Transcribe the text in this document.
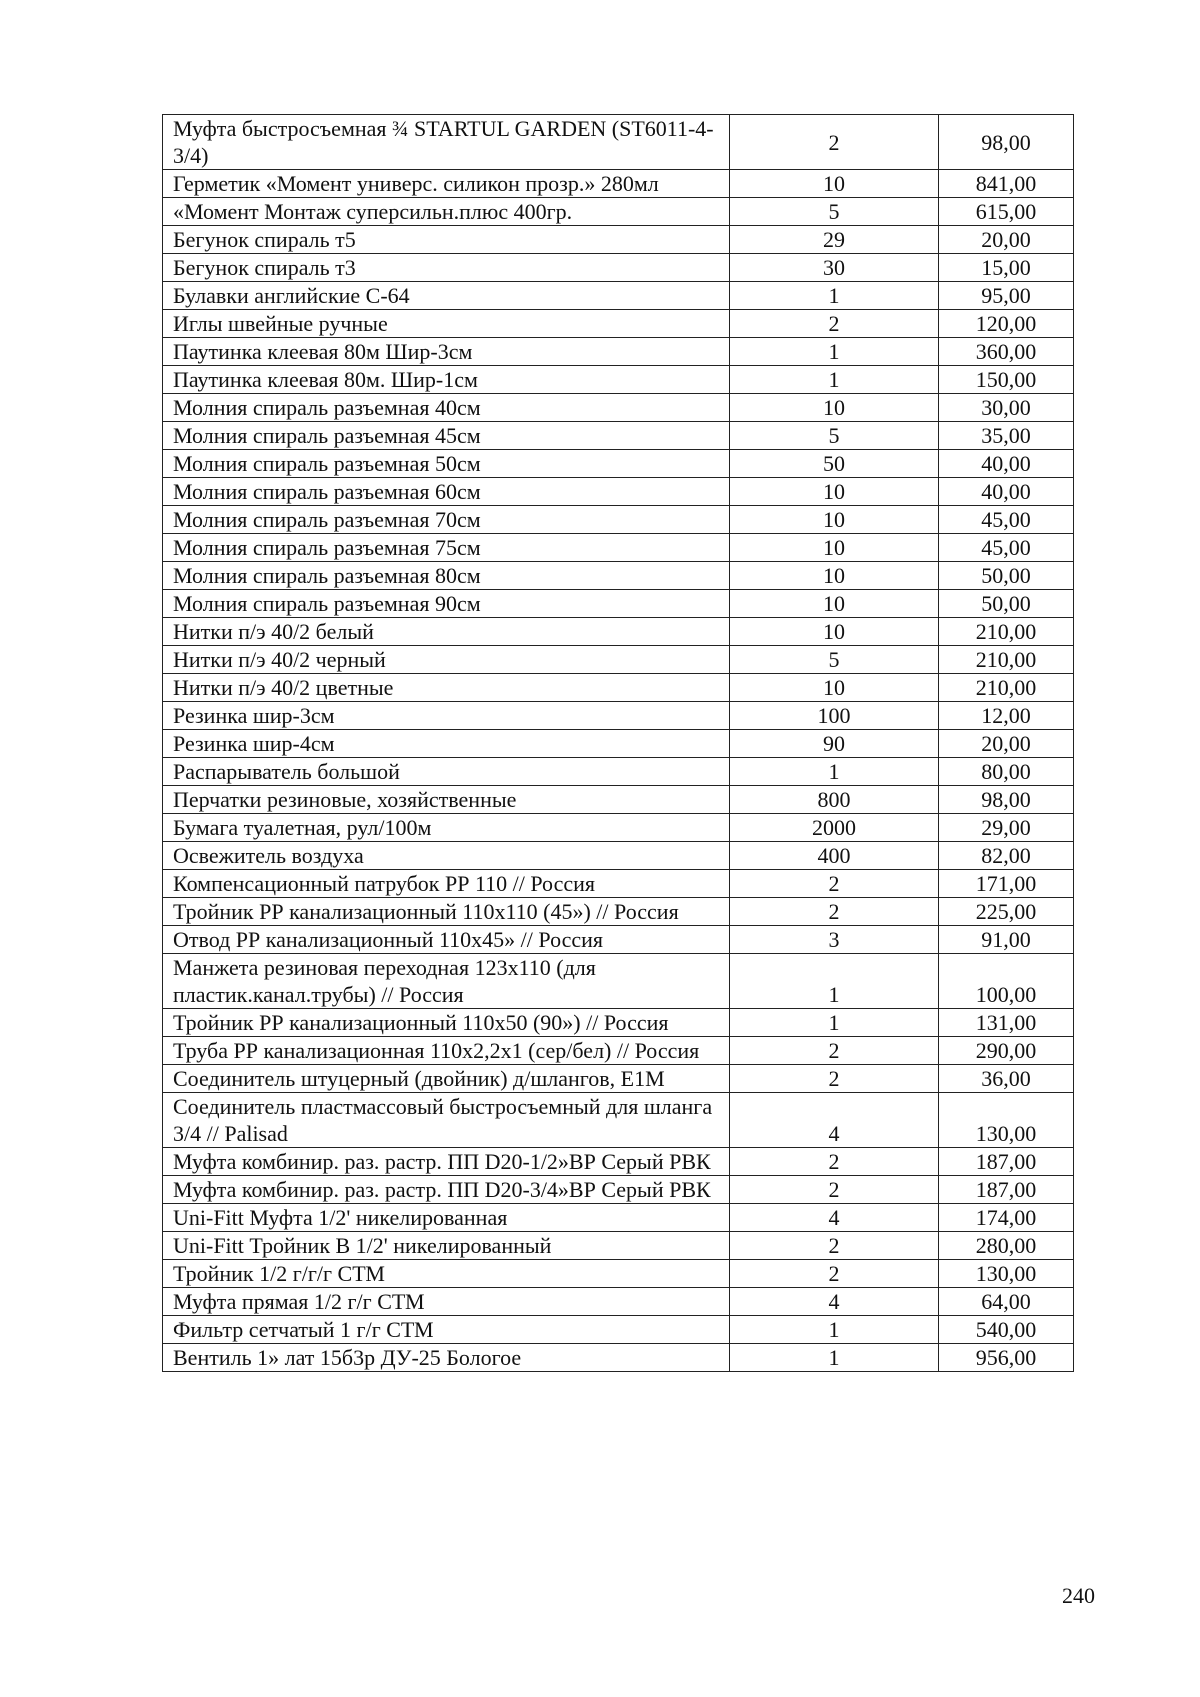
Муфта быстросъемная ¾ STARTUL GARDEN (ST6011-4-3/4)	2	98,00
Герметик «Момент универс. силикон прозр.» 280мл	10	841,00
«Момент Монтаж суперсильн.плюс 400гр.	5	615,00
Бегунок спираль т5	29	20,00
Бегунок спираль т3	30	15,00
Булавки английские С-64	1	95,00
Иглы швейные ручные	2	120,00
Паутинка клеевая 80м Шир-3см	1	360,00
Паутинка клеевая 80м. Шир-1см	1	150,00
Молния спираль разъемная 40см	10	30,00
Молния спираль разъемная 45см	5	35,00
Молния спираль разъемная 50см	50	40,00
Молния спираль разъемная 60см	10	40,00
Молния спираль разъемная 70см	10	45,00
Молния спираль разъемная 75см	10	45,00
Молния спираль разъемная 80см	10	50,00
Молния спираль разъемная 90см	10	50,00
Нитки п/э 40/2 белый	10	210,00
Нитки п/э 40/2 черный	5	210,00
Нитки п/э 40/2 цветные	10	210,00
Резинка шир-3см	100	12,00
Резинка шир-4см	90	20,00
Распарыватель большой	1	80,00
Перчатки резиновые, хозяйственные	800	98,00
Бумага туалетная, рул/100м	2000	29,00
Освежитель воздуха	400	82,00
Компенсационный патрубок РР 110 // Россия	2	171,00
Тройник РР канализационный 110x110 (45») // Россия	2	225,00
Отвод РР канализационный 110x45» // Россия	3	91,00
Манжета резиновая переходная 123x110 (для пластик.канал.трубы) // Россия	1	100,00
Тройник РР канализационный 110x50 (90») // Россия	1	131,00
Труба РР канализационная 110x2,2x1 (сер/бел) // Россия	2	290,00
Соединитель штуцерный (двойник) д/шлангов, E1M	2	36,00
Соединитель пластмассовый быстросъемный для шланга 3/4 // Palisad	4	130,00
Муфта комбинир. раз. растр. ПП D20-1/2»ВР Серый РВК	2	187,00
Муфта комбинир. раз. растр. ПП D20-3/4»ВР Серый РВК	2	187,00
Uni-Fitt Муфта 1/2' никелированная	4	174,00
Uni-Fitt Тройник В 1/2' никелированный	2	280,00
Тройник 1/2 г/г/г СТМ	2	130,00
Муфта прямая 1/2 г/г СТМ	4	64,00
Фильтр сетчатый 1 г/г СТМ	1	540,00
Вентиль 1» лат 15б3р ДУ-25 Бологое	1	956,00
240
